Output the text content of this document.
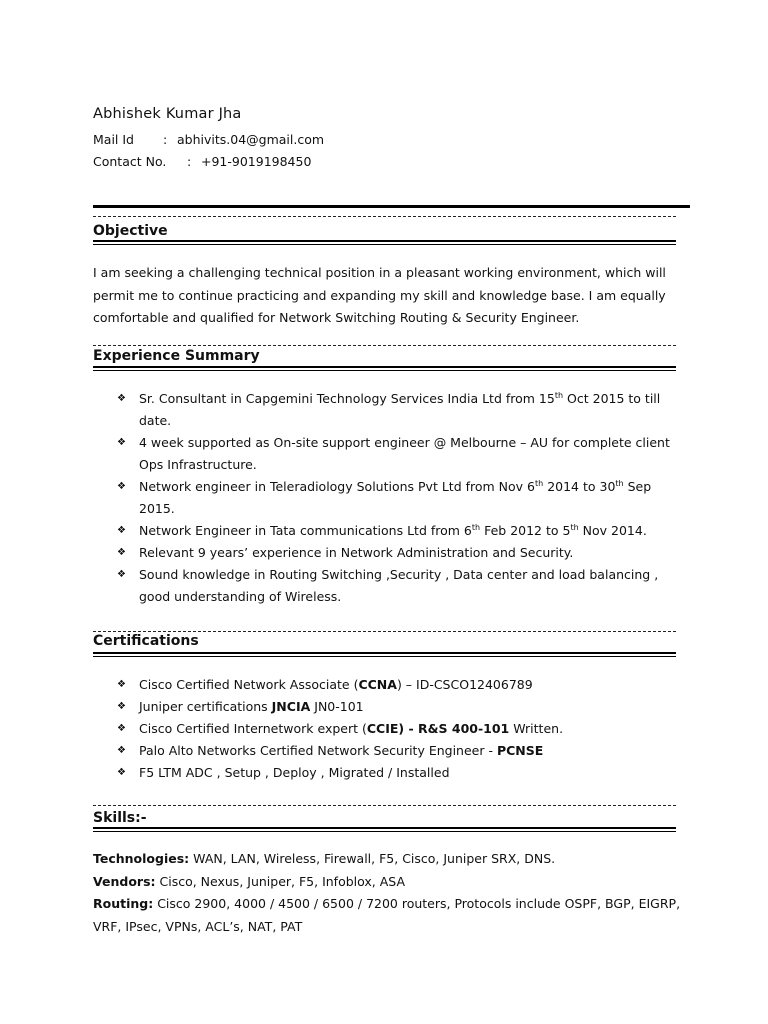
Abhishek Kumar Jha
Mail Id : abhivits.04@gmail.com
Contact No. : +91-9019198450
Objective
I am seeking a challenging technical position in a pleasant working environment, which will permit me to continue practicing and expanding my skill and knowledge base. I am equally comfortable and qualified for Network Switching Routing & Security Engineer.
Experience Summary
❖ Sr. Consultant in Capgemini Technology Services India Ltd from 15th Oct 2015 to till date.
❖ 4 week supported as On-site support engineer @ Melbourne – AU for complete client Ops Infrastructure.
❖ Network engineer in Teleradiology Solutions Pvt Ltd from Nov 6th 2014 to 30th Sep 2015.
❖ Network Engineer in Tata communications Ltd from 6th Feb 2012 to 5th Nov 2014.
❖ Relevant 9 years’ experience in Network Administration and Security.
❖ Sound knowledge in Routing Switching ,Security , Data center and load balancing , good understanding of Wireless.
Certifications
❖ Cisco Certified Network Associate (CCNA) – ID-CSCO12406789
❖ Juniper certifications JNCIA JN0-101
❖ Cisco Certified Internetwork expert (CCIE) - R&S 400-101 Written.
❖ Palo Alto Networks Certified Network Security Engineer - PCNSE
❖ F5 LTM ADC , Setup , Deploy , Migrated / Installed
Skills:-
Technologies: WAN, LAN, Wireless, Firewall, F5, Cisco, Juniper SRX, DNS.
Vendors: Cisco, Nexus, Juniper, F5, Infoblox, ASA
Routing: Cisco 2900, 4000 / 4500 / 6500 / 7200 routers, Protocols include OSPF, BGP, EIGRP, VRF, IPsec, VPNs, ACL’s, NAT, PAT
